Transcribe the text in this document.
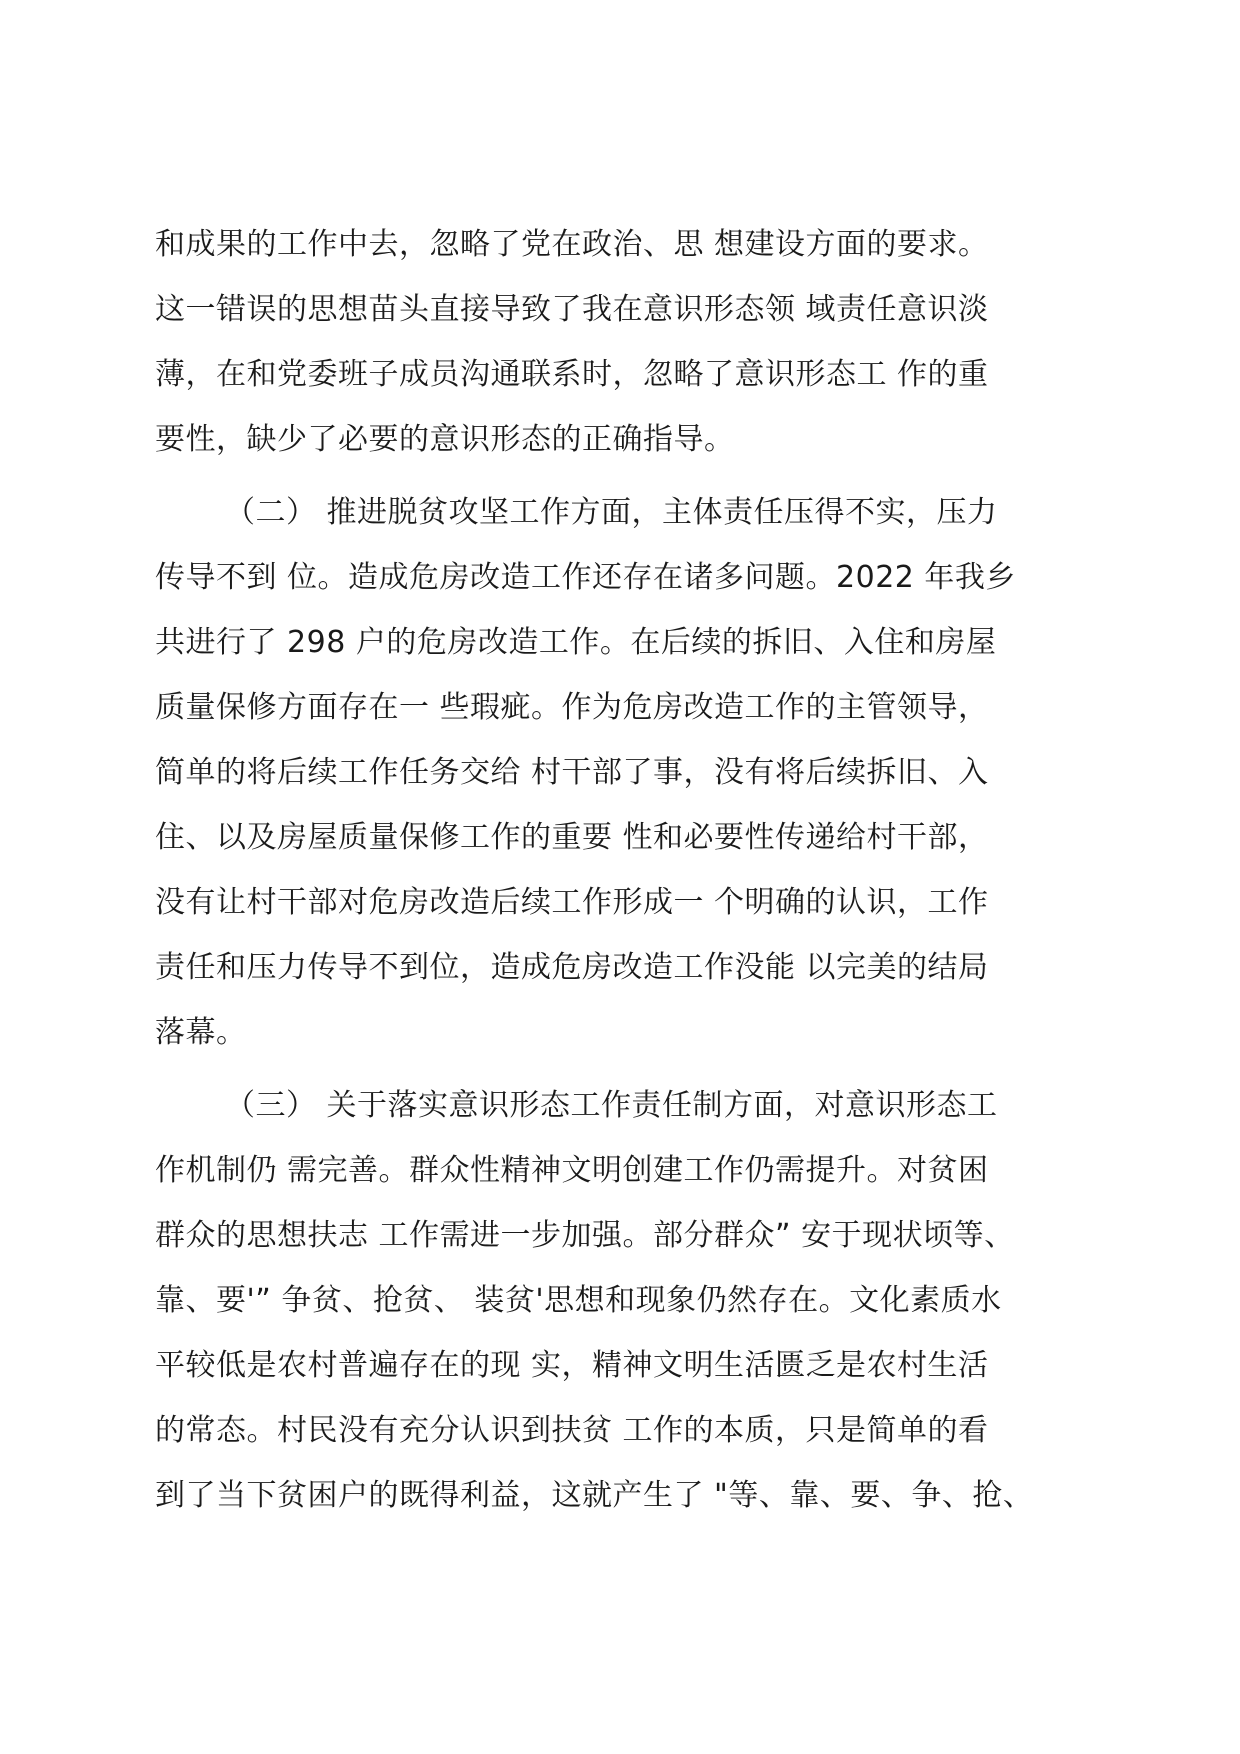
和成果的工作中去，忽略了党在政治、思 想建设方面的要求。
这一错误的思想苗头直接导致了我在意识形态领 域责任意识淡
薄，在和党委班子成员沟通联系时，忽略了意识形态工 作的重
要性，缺少了必要的意识形态的正确指导。
（二） 推进脱贫攻坚工作方面，主体责任压得不实，压力
传导不到 位。造成危房改造工作还存在诸多问题。2022 年我乡
共进行了 298 户的危房改造工作。在后续的拆旧、入住和房屋
质量保修方面存在一 些瑕疵。作为危房改造工作的主管领导，
简单的将后续工作任务交给 村干部了事，没有将后续拆旧、入
住、以及房屋质量保修工作的重要 性和必要性传递给村干部，
没有让村干部对危房改造后续工作形成一 个明确的认识，工作
责任和压力传导不到位，造成危房改造工作没能 以完美的结局
落幕。
（三） 关于落实意识形态工作责任制方面，对意识形态工
作机制仍 需完善。群众性精神文明创建工作仍需提升。对贫困
群众的思想扶志 工作需进一步加强。部分群众” 安于现状顷等、
靠、要'” 争贫、抢贫、 装贫'思想和现象仍然存在。文化素质水
平较低是农村普遍存在的现 实，精神文明生活匮乏是农村生活
的常态。村民没有充分认识到扶贫 工作的本质，只是简单的看
到了当下贫困户的既得利益，这就产生了 "等、靠、要、争、抢、
